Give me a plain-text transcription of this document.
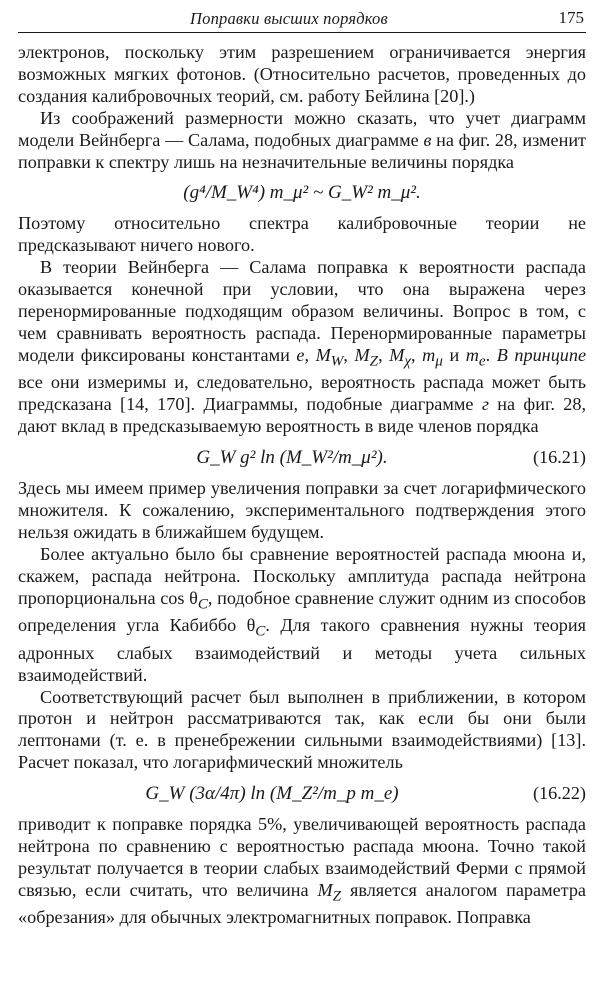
Поправки высших порядков	175

электронов, поскольку этим разрешением ограничивается энергия возможных мягких фотонов. (Относительно расчетов, проведенных до создания калибровочных теорий, см. работу Бейлина [20].)

Из соображений размерности можно сказать, что учет диаграмм модели Вейнберга — Салама, подобных диаграмме в на фиг. 28, изменит поправки к спектру лишь на незначительные величины порядка

(g⁴/M_W⁴) m_μ² ~ G_W² m_μ².

Поэтому относительно спектра калибровочные теории не предсказывают ничего нового.

В теории Вейнберга — Салама поправка к вероятности распада оказывается конечной при условии, что она выражена через перенормированные подходящим образом величины. Вопрос в том, с чем сравнивать вероятность распада. Перенормированные параметры модели фиксированы константами e, $M_W$, $M_Z$, $M_\chi$, $m_\mu$ и $m_e$. В принципе все они измеримы и, следовательно, вероятность распада может быть предсказана [14, 170]. Диаграммы, подобные диаграмме г на фиг. 28, дают вклад в предсказываемую вероятность в виде членов порядка

G_W g² ln (M_W²/m_μ²).	(16.21)

Здесь мы имеем пример увеличения поправки за счет логарифмического множителя. К сожалению, экспериментального подтверждения этого нельзя ожидать в ближайшем будущем.

Более актуально было бы сравнение вероятностей распада мюона и, скажем, распада нейтрона. Поскольку амплитуда распада нейтрона пропорциональна $\cos \theta_C$, подобное сравнение служит одним из способов определения угла Кабиббо $\theta_C$. Для такого сравнения нужны теория адронных слабых взаимодействий и методы учета сильных взаимодействий.

Соответствующий расчет был выполнен в приближении, в котором протон и нейтрон рассматриваются так, как если бы они были лептонами (т. е. в пренебрежении сильными взаимодействиями) [13]. Расчет показал, что логарифмический множитель

G_W (3α/4π) ln (M_Z²/m_p m_e)	(16.22)

приводит к поправке порядка 5%, увеличивающей вероятность распада нейтрона по сравнению с вероятностью распада мюона. Точно такой результат получается в теории слабых взаимодействий Ферми с прямой связью, если считать, что величина $M_Z$ является аналогом параметра «обрезания» для обычных электромагнитных поправок. Поправка
